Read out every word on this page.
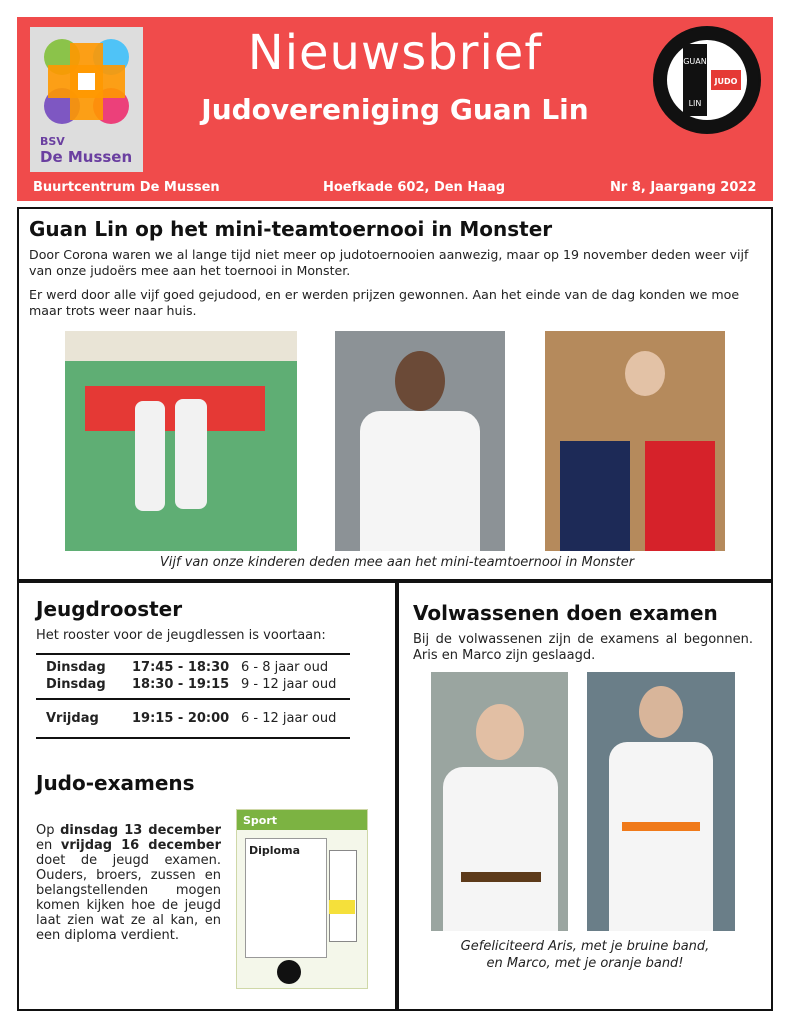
BSV
De Mussen
Nieuwsbrief
Judovereniging Guan Lin
GUAN
LIN
JUDO
Buurtcentrum De Mussen	Hoefkade 602, Den Haag	Nr 8, Jaargang 2022
Guan Lin op het mini-teamtoernooi in Monster

Door Corona waren we al lange tijd niet meer op judotoernooien aanwezig, maar op 19 november deden weer vijf van onze judoërs mee aan het toernooi in Monster.

Er werd door alle vijf goed gejudood, en er werden prijzen gewonnen. Aan het einde van de dag konden we moe maar trots weer naar huis.

Vijf van onze kinderen deden mee aan het mini-teamtoernooi in Monster
Jeugdrooster

Het rooster voor de jeugdlessen is voortaan:

Dinsdag 17:45 - 18:30 6 - 8 jaar oud
Dinsdag 18:30 - 19:15 9 - 12 jaar oud
Vrijdag	19:15 - 20:00 6 - 12 jaar oud
Judo-examens
Op dinsdag 13 december en vrijdag 16 december doet de jeugd examen. Ouders, broers, zussen en belangstellenden mogen komen kijken hoe de jeugd laat zien wat ze al kan, en een diploma verdient.
Sport
Diploma
Volwassenen doen examen

Bij de volwassenen zijn de examens al begonnen. Aris en Marco zijn geslaagd.

Gefeliciteerd Aris, met je bruine band,
en Marco, met je oranje band!
